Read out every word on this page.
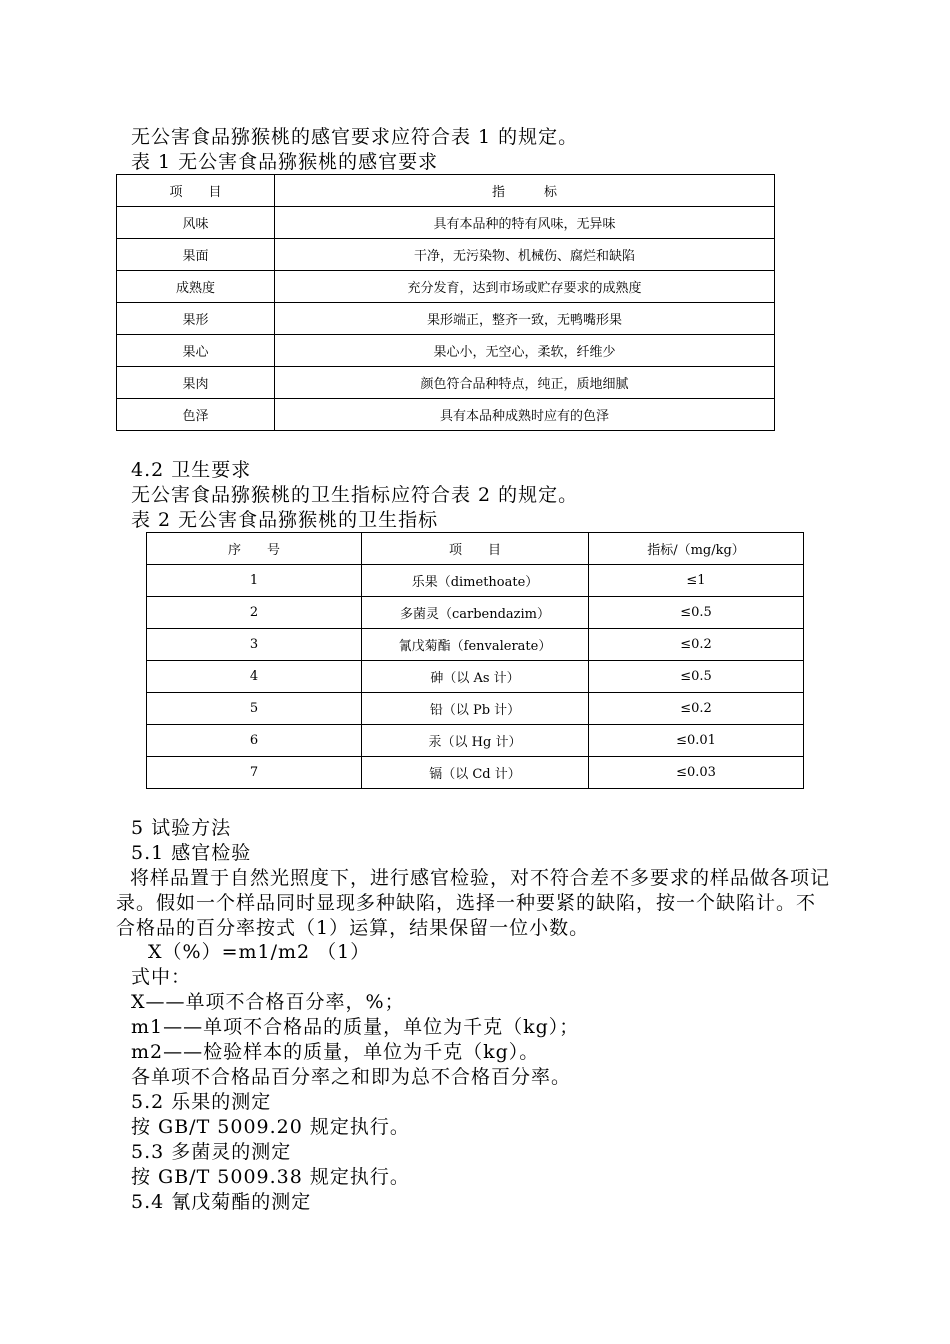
无公害食品猕猴桃的感官要求应符合表 1 的规定。
表 1 无公害食品猕猴桃的感官要求
项　　目	指　　　标
风味	具有本品种的特有风味，无异味
果面	干净，无污染物、机械伤、腐烂和缺陷
成熟度	充分发育，达到市场或贮存要求的成熟度
果形	果形端正，整齐一致，无鸭嘴形果
果心	果心小，无空心，柔软，纤维少
果肉	颜色符合品种特点，纯正，质地细腻
色泽	具有本品种成熟时应有的色泽
4.2 卫生要求
无公害食品猕猴桃的卫生指标应符合表 2 的规定。
表 2 无公害食品猕猴桃的卫生指标
序　　号	项　　目	指标/（mg/kg）
1	乐果（dimethoate）	≤1
2	多菌灵（carbendazim）	≤0.5
3	氰戊菊酯（fenvalerate）	≤0.2
4	砷（以 As 计）	≤0.5
5	铅（以 Pb 计）	≤0.2
6	汞（以 Hg 计）	≤0.01
7	镉（以 Cd 计）	≤0.03
5 试验方法
5.1 感官检验
将样品置于自然光照度下，进行感官检验，对不符合差不多要求的样品做各项记录。假如一个样品同时显现多种缺陷，选择一种要紧的缺陷，按一个缺陷计。不合格品的百分率按式（1）运算，结果保留一位小数。
X（%）=m1/m2 （1）
式中：
X——单项不合格百分率，%；
m1——单项不合格品的质量，单位为千克（kg）；
m2——检验样本的质量，单位为千克（kg）。
各单项不合格品百分率之和即为总不合格百分率。
5.2 乐果的测定
按 GB/T 5009.20 规定执行。
5.3 多菌灵的测定
按 GB/T 5009.38 规定执行。
5.4 氰戊菊酯的测定
